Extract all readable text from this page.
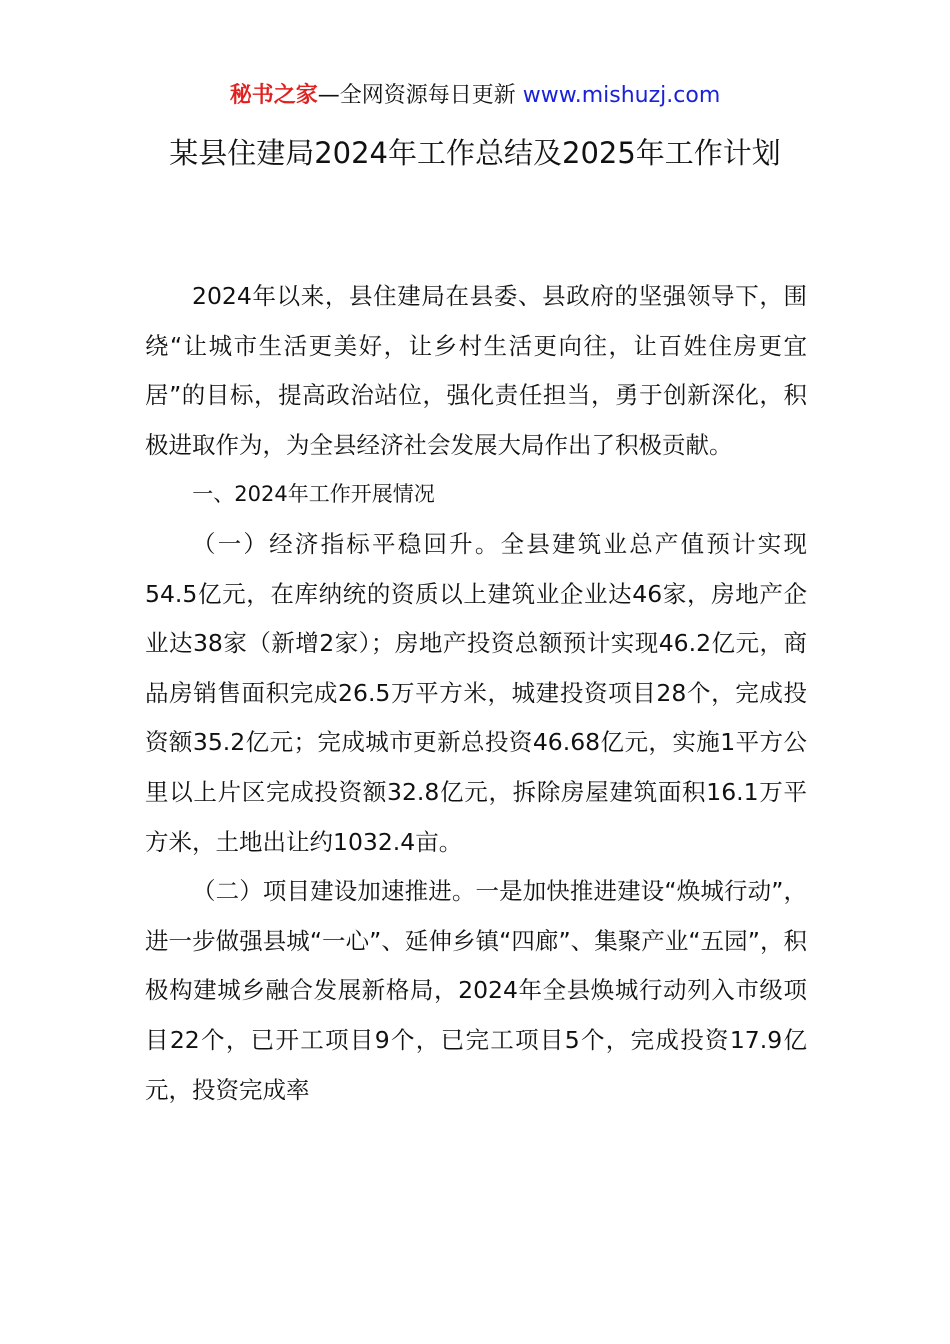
秘书之家—全网资源每日更新 www.mishuzj.com
某县住建局2024年工作总结及2025年工作计划

2024年以来，县住建局在县委、县政府的坚强领导下，围绕“让城市生活更美好，让乡村生活更向往，让百姓住房更宜居”的目标，提高政治站位，强化责任担当，勇于创新深化，积极进取作为，为全县经济社会发展大局作出了积极贡献。

一、2024年工作开展情况

（一）经济指标平稳回升。全县建筑业总产值预计实现54.5亿元，在库纳统的资质以上建筑业企业达46家，房地产企业达38家（新增2家）；房地产投资总额预计实现46.2亿元，商品房销售面积完成26.5万平方米，城建投资项目28个，完成投资额35.2亿元；完成城市更新总投资46.68亿元，实施1平方公里以上片区完成投资额32.8亿元，拆除房屋建筑面积16.1万平方米，土地出让约1032.4亩。

（二）项目建设加速推进。一是加快推进建设“焕城行动”，进一步做强县城“一心”、延伸乡镇“四廊”、集聚产业“五园”，积极构建城乡融合发展新格局，2024年全县焕城行动列入市级项目22个，已开工项目9个，已完工项目5个，完成投资17.9亿元，投资完成率
